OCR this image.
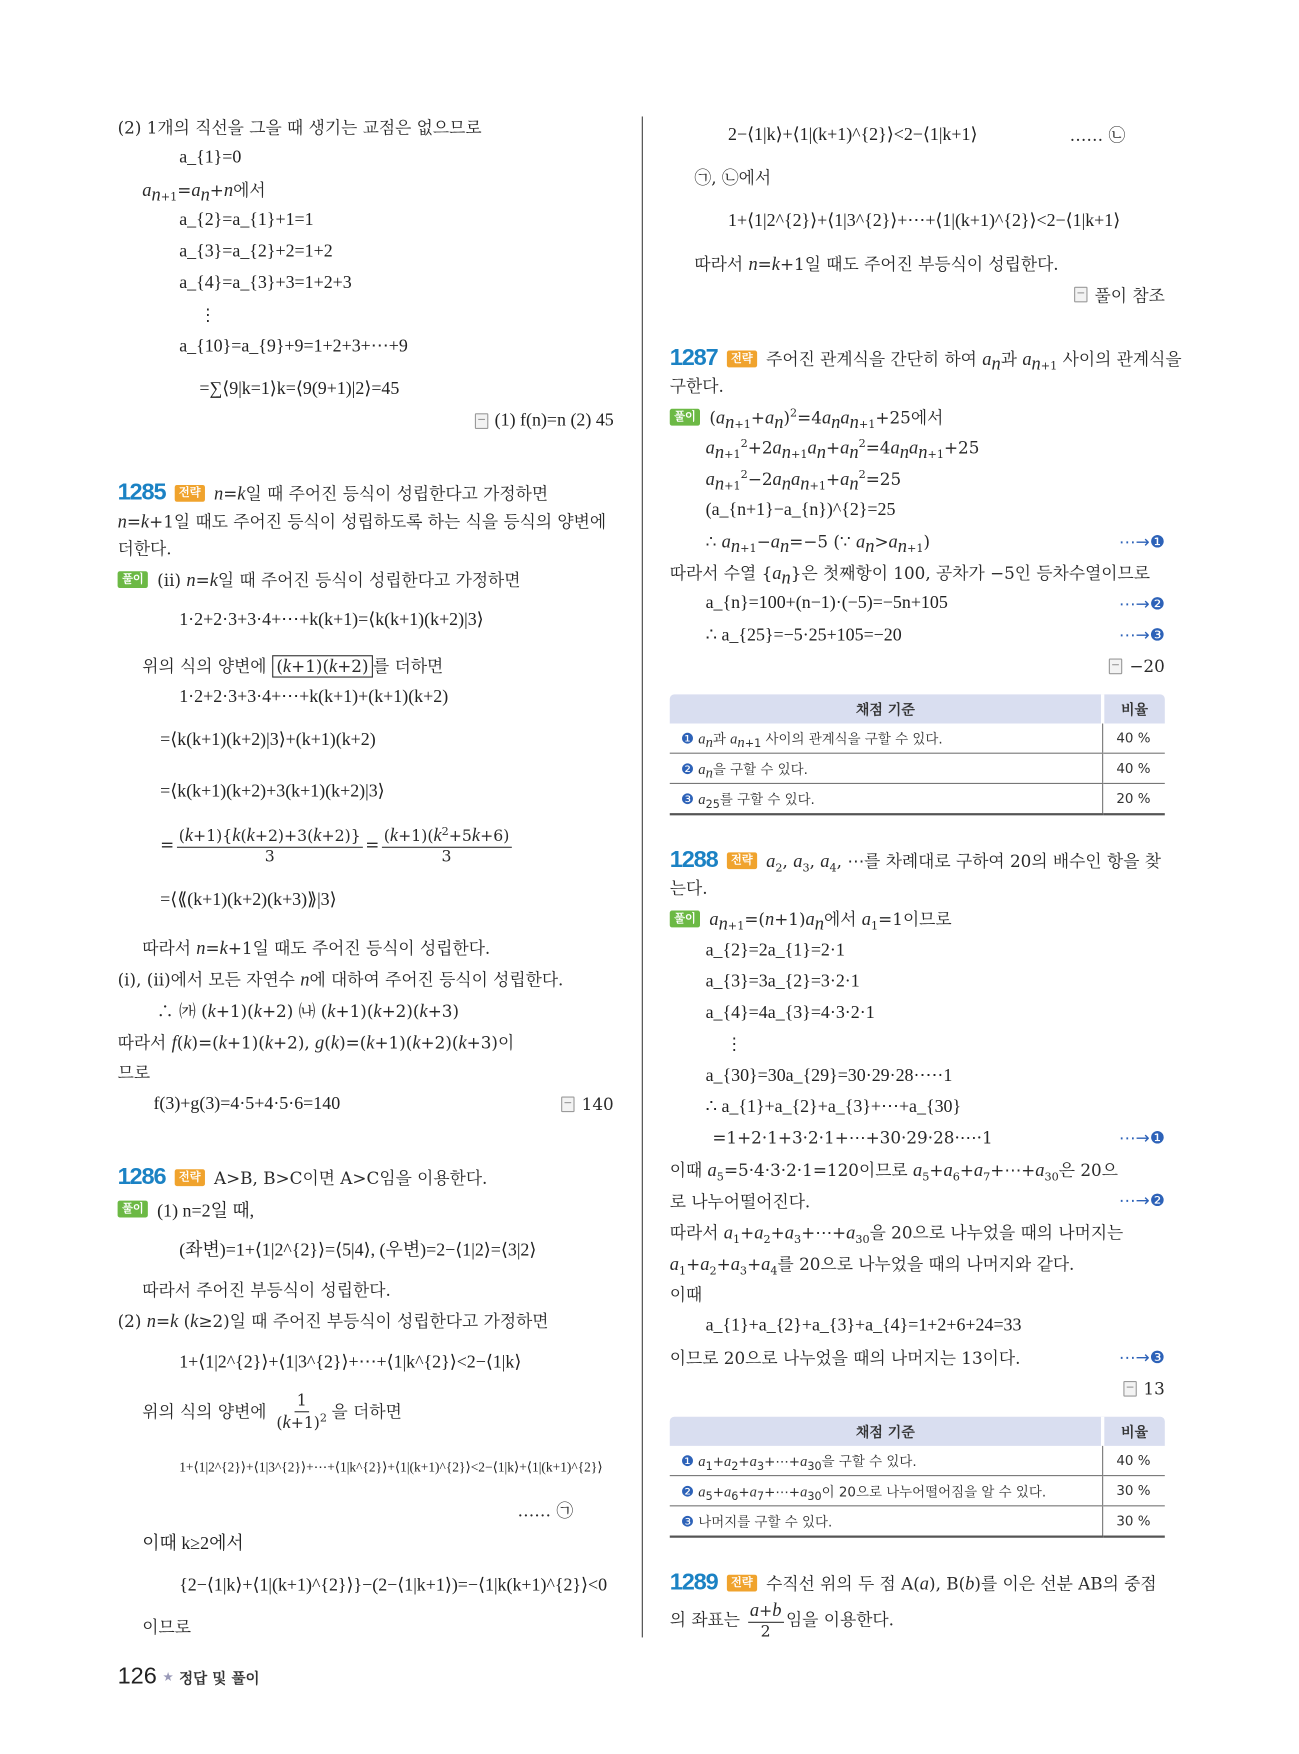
(2) 1개의 직선을 그을 때 생기는 교점은 없으므로
a_{1}=0
$a_{n+1}=a_n+n$에서
a_{2}=a_{1}+1=1
a_{3}=a_{2}+2=1+2
a_{4}=a_{3}+3=1+2+3
⋮
a_{10}=a_{9}+9=1+2+3+⋯+9
=∑⟨9|k=1⟩k=⟨9(9+1)|2⟩=45
(1) f(n)=n (2) 45
1285	전략 n=k일 때 주어진 등식이 성립한다고 가정하면
n=k+1일 때도 주어진 등식이 성립하도록 하는 식을 등식의 양변에
더한다.
풀이 (ⅱ) n=k일 때 주어진 등식이 성립한다고 가정하면
1·2+2·3+3·4+⋯+k(k+1)=⟨k(k+1)(k+2)|3⟩
위의 식의 양변에 (k+1)(k+2) 를 더하면
1·2+2·3+3·4+⋯+k(k+1)+(k+1)(k+2)
=⟨k(k+1)(k+2)|3⟩+(k+1)(k+2)
=⟨k(k+1)(k+2)+3(k+1)(k+2)|3⟩
= $\frac{(k+1)\{k(k+2)+3(k+2)\}}{3} = \frac{(k+1)(k^2+5k+6)}{3}$
=⟨⟪(k+1)(k+2)(k+3)⟫|3⟩
따라서 n=k+1일 때도 주어진 등식이 성립한다.
(ⅰ), (ⅱ)에서 모든 자연수 n에 대하여 주어진 등식이 성립한다.
∴ ㈎ (k+1)(k+2) ㈏ (k+1)(k+2)(k+3)
따라서 f(k)=(k+1)(k+2), g(k)=(k+1)(k+2)(k+3)이
므로
f(3)+g(3)=4·5+4·5·6=140	140
1286	전략 A>B, B>C이면 A>C임을 이용한다.
풀이 (1) n=2일 때,
(좌변)=1+⟨1|2^{2}⟩=⟨5|4⟩, (우변)=2−⟨1|2⟩=⟨3|2⟩
따라서 주어진 부등식이 성립한다.
(2) n=k (k≥2)일 때 주어진 부등식이 성립한다고 가정하면
1+⟨1|2^{2}⟩+⟨1|3^{2}⟩+⋯+⟨1|k^{2}⟩<2−⟨1|k⟩
위의 식의 양변에 $\frac{1}{(k+1)^2}$ 을 더하면
1+⟨1|2^{2}⟩+⟨1|3^{2}⟩+⋯+⟨1|k^{2}⟩+⟨1|(k+1)^{2}⟩<2−⟨1|k⟩+⟨1|(k+1)^{2}⟩
…… ㉠
이때 k≥2에서
{2−⟨1|k⟩+⟨1|(k+1)^{2}⟩}−(2−⟨1|k+1⟩)=−⟨1|k(k+1)^{2}⟩<0
이므로
2−⟨1|k⟩+⟨1|(k+1)^{2}⟩<2−⟨1|k+1⟩	…… ㉡
㉠, ㉡에서
1+⟨1|2^{2}⟩+⟨1|3^{2}⟩+⋯+⟨1|(k+1)^{2}⟩<2−⟨1|k+1⟩
따라서 n=k+1일 때도 주어진 부등식이 성립한다.
풀이 참조
1287	전략 주어진 관계식을 간단히 하여 $a_n$과 $a_{n+1}$ 사이의 관계식을
구한다.
풀이 $(a_{n+1}+a_n)^2=4a_na_{n+1}+25$에서
$a_{n+1}^2+2a_{n+1}a_n+a_n^2=4a_na_{n+1}+25$
$a_{n+1}^2-2a_na_{n+1}+a_n^2=25$
(a_{n+1}−a_{n})^{2}=25
∴ $a_{n+1}-a_n=-5$ (∵ $a_n>a_{n+1}$)	⋯→❶
따라서 수열 $\{a_n\}$은 첫째항이 100, 공차가 −5인 등차수열이므로
a_{n}=100+(n−1)·(−5)=−5n+105	⋯→❷
∴ a_{25}=−5·25+105=−20	⋯→❸
−20
1288	전략 $a_2$, $a_3$, $a_4$, ⋯를 차례대로 구하여 20의 배수인 항을 찾
는다.
풀이 $a_{n+1}=(n+1)a_n$에서 $a_1=1$이므로
a_{2}=2a_{1}=2·1
a_{3}=3a_{2}=3·2·1
a_{4}=4a_{3}=4·3·2·1
⋮
a_{30}=30a_{29}=30·29·28·⋯·1
∴ a_{1}+a_{2}+a_{3}+⋯+a_{30}
=1+2·1+3·2·1+⋯+30·29·28·⋯·1	⋯→❶
이때 $a_5=5\cdot 4\cdot 3\cdot 2\cdot 1=120$이므로 $a_5+a_6+a_7+\cdots+a_{30}$은 20으
로 나누어떨어진다.	⋯→❷
따라서 $a_1+a_2+a_3+\cdots+a_{30}$을 20으로 나누었을 때의 나머지는
$a_1+a_2+a_3+a_4$를 20으로 나누었을 때의 나머지와 같다.
이때
a_{1}+a_{2}+a_{3}+a_{4}=1+2+6+24=33
이므로 20으로 나누었을 때의 나머지는 13이다.	⋯→❸
13
1289	전략 수직선 위의 두 점 A(a), B(b)를 이은 선분 AB의 중점
의 좌표는 $\frac{a+b}{2}$ 임을 이용한다.
채점 기준	비율
❶ $a_n$과 $a_{n+1}$ 사이의 관계식을 구할 수 있다.	40 %
❷ $a_n$을 구할 수 있다.	40 %
❸ $a_{25}$를 구할 수 있다.	20 %
채점 기준	비율
❶ $a_1+a_2+a_3+\cdots+a_{30}$을 구할 수 있다.	40 %
❷ $a_5+a_6+a_7+\cdots+a_{30}$이 20으로 나누어떨어짐을 알 수 있다.	30 %
❸ 나머지를 구할 수 있다.	30 %
126 ★ 정답 및 풀이
